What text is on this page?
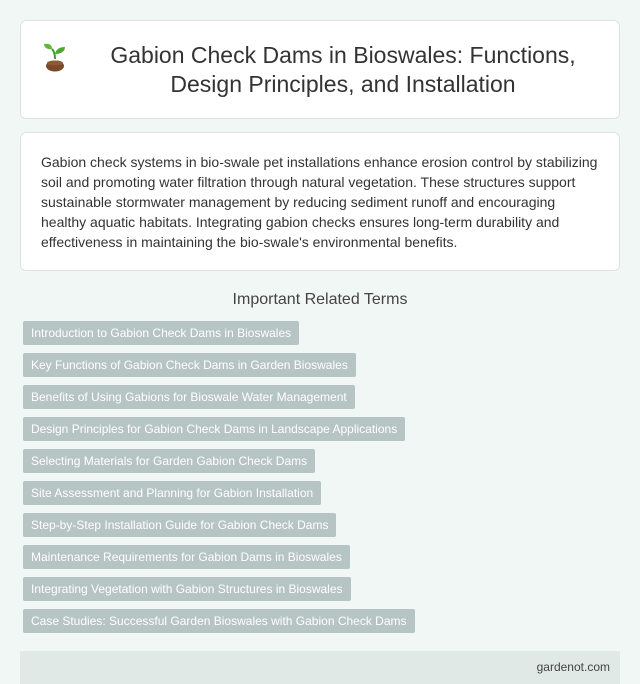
Gabion Check Dams in Bioswales: Functions, Design Principles, and Installation

Gabion check systems in bio-swale pet installations enhance erosion control by stabilizing soil and promoting water filtration through natural vegetation. These structures support sustainable stormwater management by reducing sediment runoff and encouraging healthy aquatic habitats. Integrating gabion checks ensures long-term durability and effectiveness in maintaining the bio-swale's environmental benefits.

Important Related Terms
Introduction to Gabion Check Dams in Bioswales
Key Functions of Gabion Check Dams in Garden Bioswales
Benefits of Using Gabions for Bioswale Water Management
Design Principles for Gabion Check Dams in Landscape Applications
Selecting Materials for Garden Gabion Check Dams
Site Assessment and Planning for Gabion Installation
Step-by-Step Installation Guide for Gabion Check Dams
Maintenance Requirements for Gabion Dams in Bioswales
Integrating Vegetation with Gabion Structures in Bioswales
Case Studies: Successful Garden Bioswales with Gabion Check Dams
gardenot.com
